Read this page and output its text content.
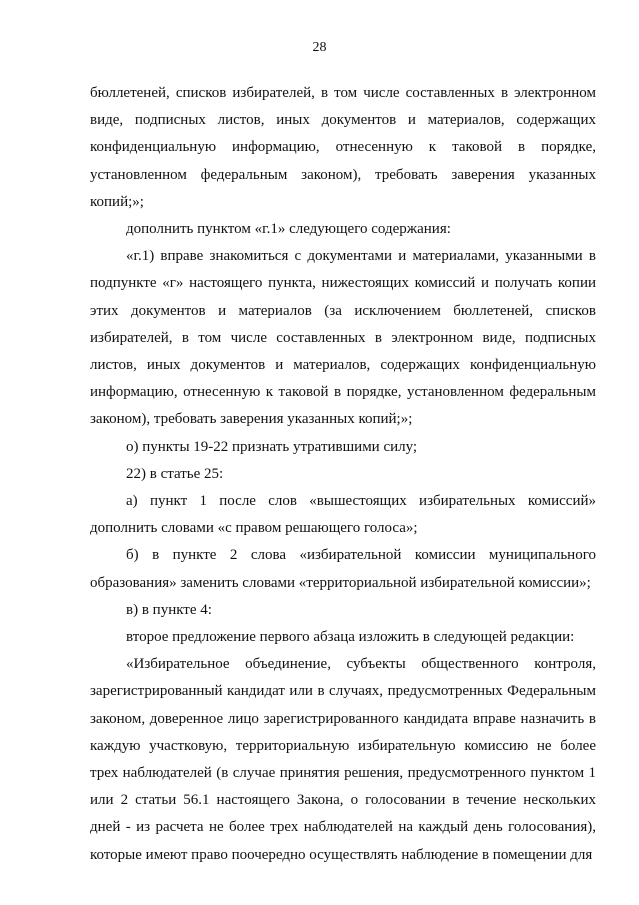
28

бюллетеней, списков избирателей, в том числе составленных в электронном виде, подписных листов, иных документов и материалов, содержащих конфиденциальную информацию, отнесенную к таковой в порядке, установленном федеральным законом), требовать заверения указанных копий;»;

дополнить пунктом «г.1» следующего содержания:

«г.1) вправе знакомиться с документами и материалами, указанными в подпункте «г» настоящего пункта, нижестоящих комиссий и получать копии этих документов и материалов (за исключением бюллетеней, списков избирателей, в том числе составленных в электронном виде, подписных листов, иных документов и материалов, содержащих конфиденциальную информацию, отнесенную к таковой в порядке, установленном федеральным законом), требовать заверения указанных копий;»;

о) пункты 19-22 признать утратившими силу;

22) в статье 25:

а) пункт 1 после слов «вышестоящих избирательных комиссий» дополнить словами «с правом решающего голоса»;

б) в пункте 2 слова «избирательной комиссии муниципального образования» заменить словами «территориальной избирательной комиссии»;

в) в пункте 4:

второе предложение первого абзаца изложить в следующей редакции:

«Избирательное объединение, субъекты общественного контроля, зарегистрированный кандидат или в случаях, предусмотренных Федеральным законом, доверенное лицо зарегистрированного кандидата вправе назначить в каждую участковую, территориальную избирательную комиссию не более трех наблюдателей (в случае принятия решения, предусмотренного пунктом 1 или 2 статьи 56.1 настоящего Закона, о голосовании в течение нескольких дней - из расчета не более трех наблюдателей на каждый день голосования), которые имеют право поочередно осуществлять наблюдение в помещении для
